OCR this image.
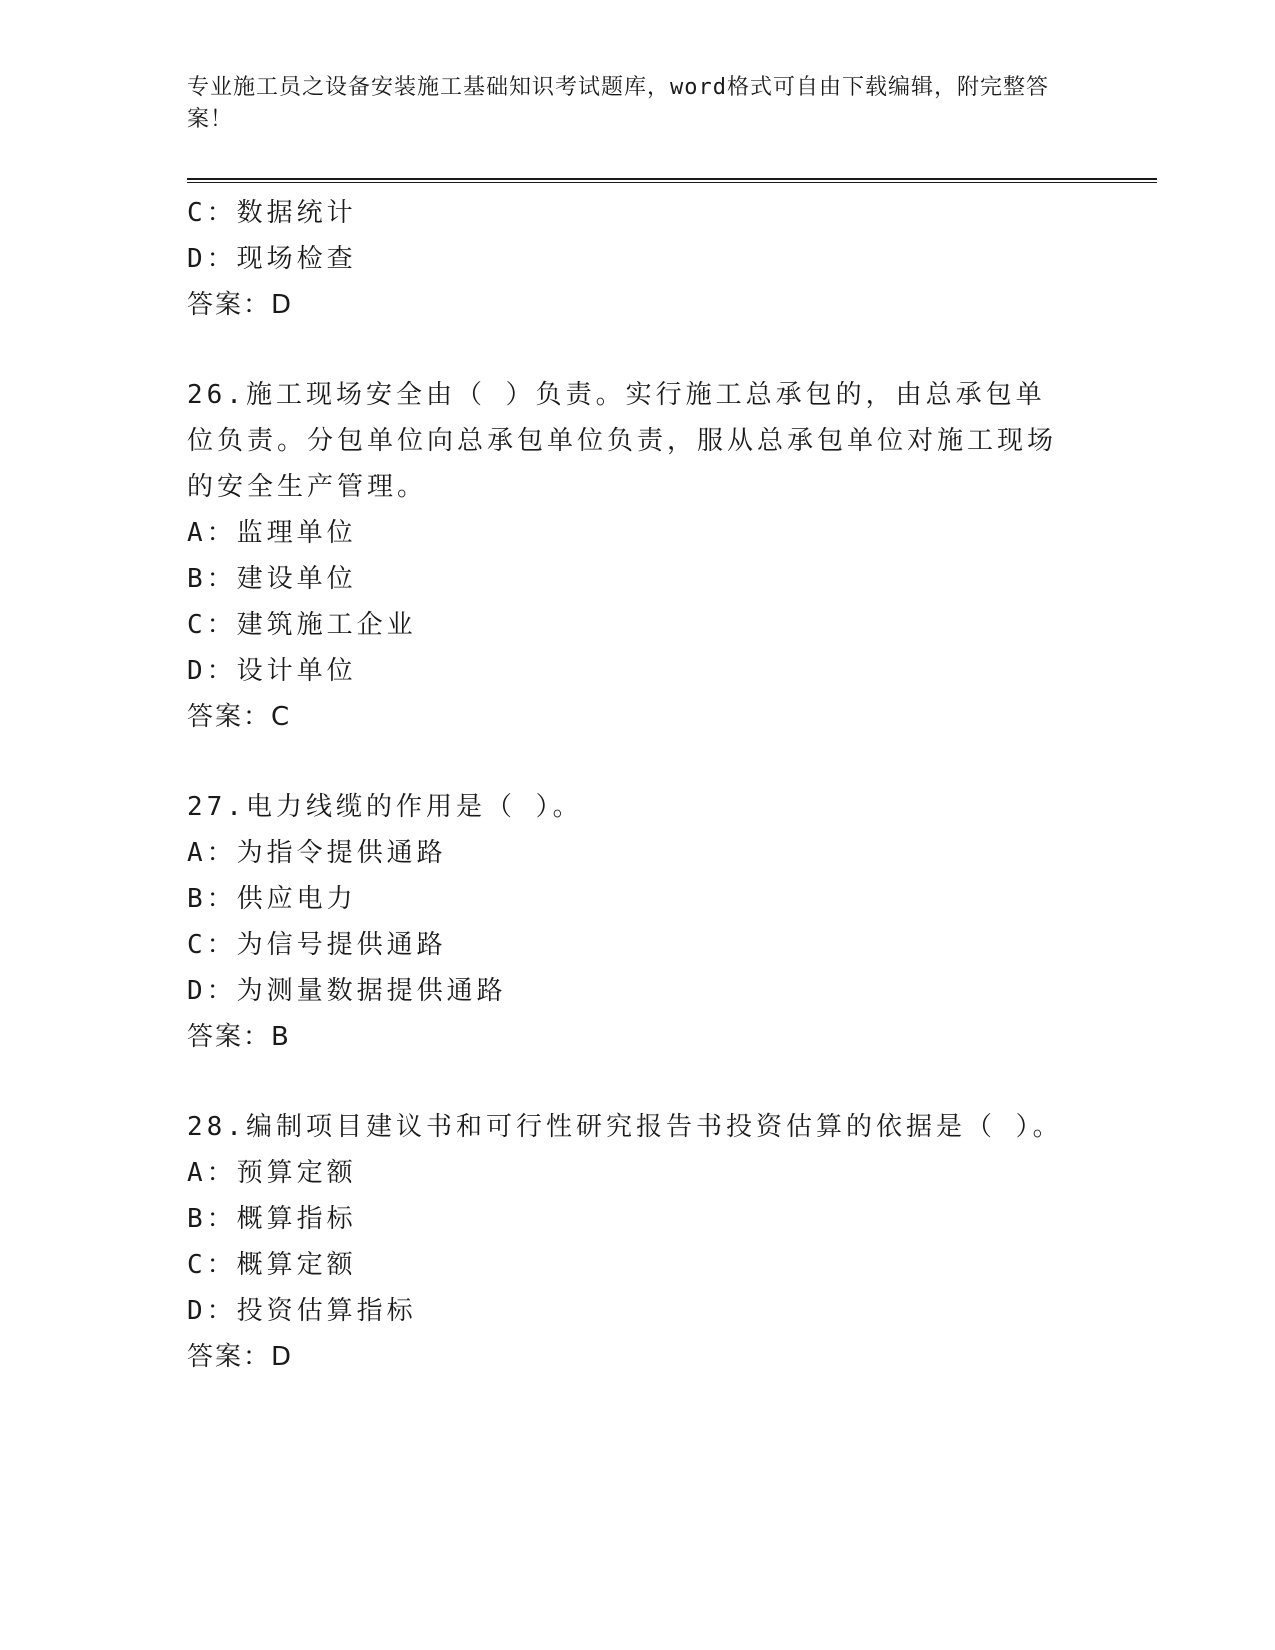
专业施工员之设备安装施工基础知识考试题库，word格式可自由下载编辑，附完整答案！
C：数据统计
D：现场检查
答案：D
26.施工现场安全由（ ）负责。实行施工总承包的，由总承包单位负责。分包单位向总承包单位负责，服从总承包单位对施工现场的安全生产管理。
A：监理单位
B：建设单位
C：建筑施工企业
D：设计单位
答案：C
27.电力线缆的作用是（ ）。
A：为指令提供通路
B：供应电力
C：为信号提供通路
D：为测量数据提供通路
答案：B
28.编制项目建议书和可行性研究报告书投资估算的依据是（ ）。
A：预算定额
B：概算指标
C：概算定额
D：投资估算指标
答案：D
